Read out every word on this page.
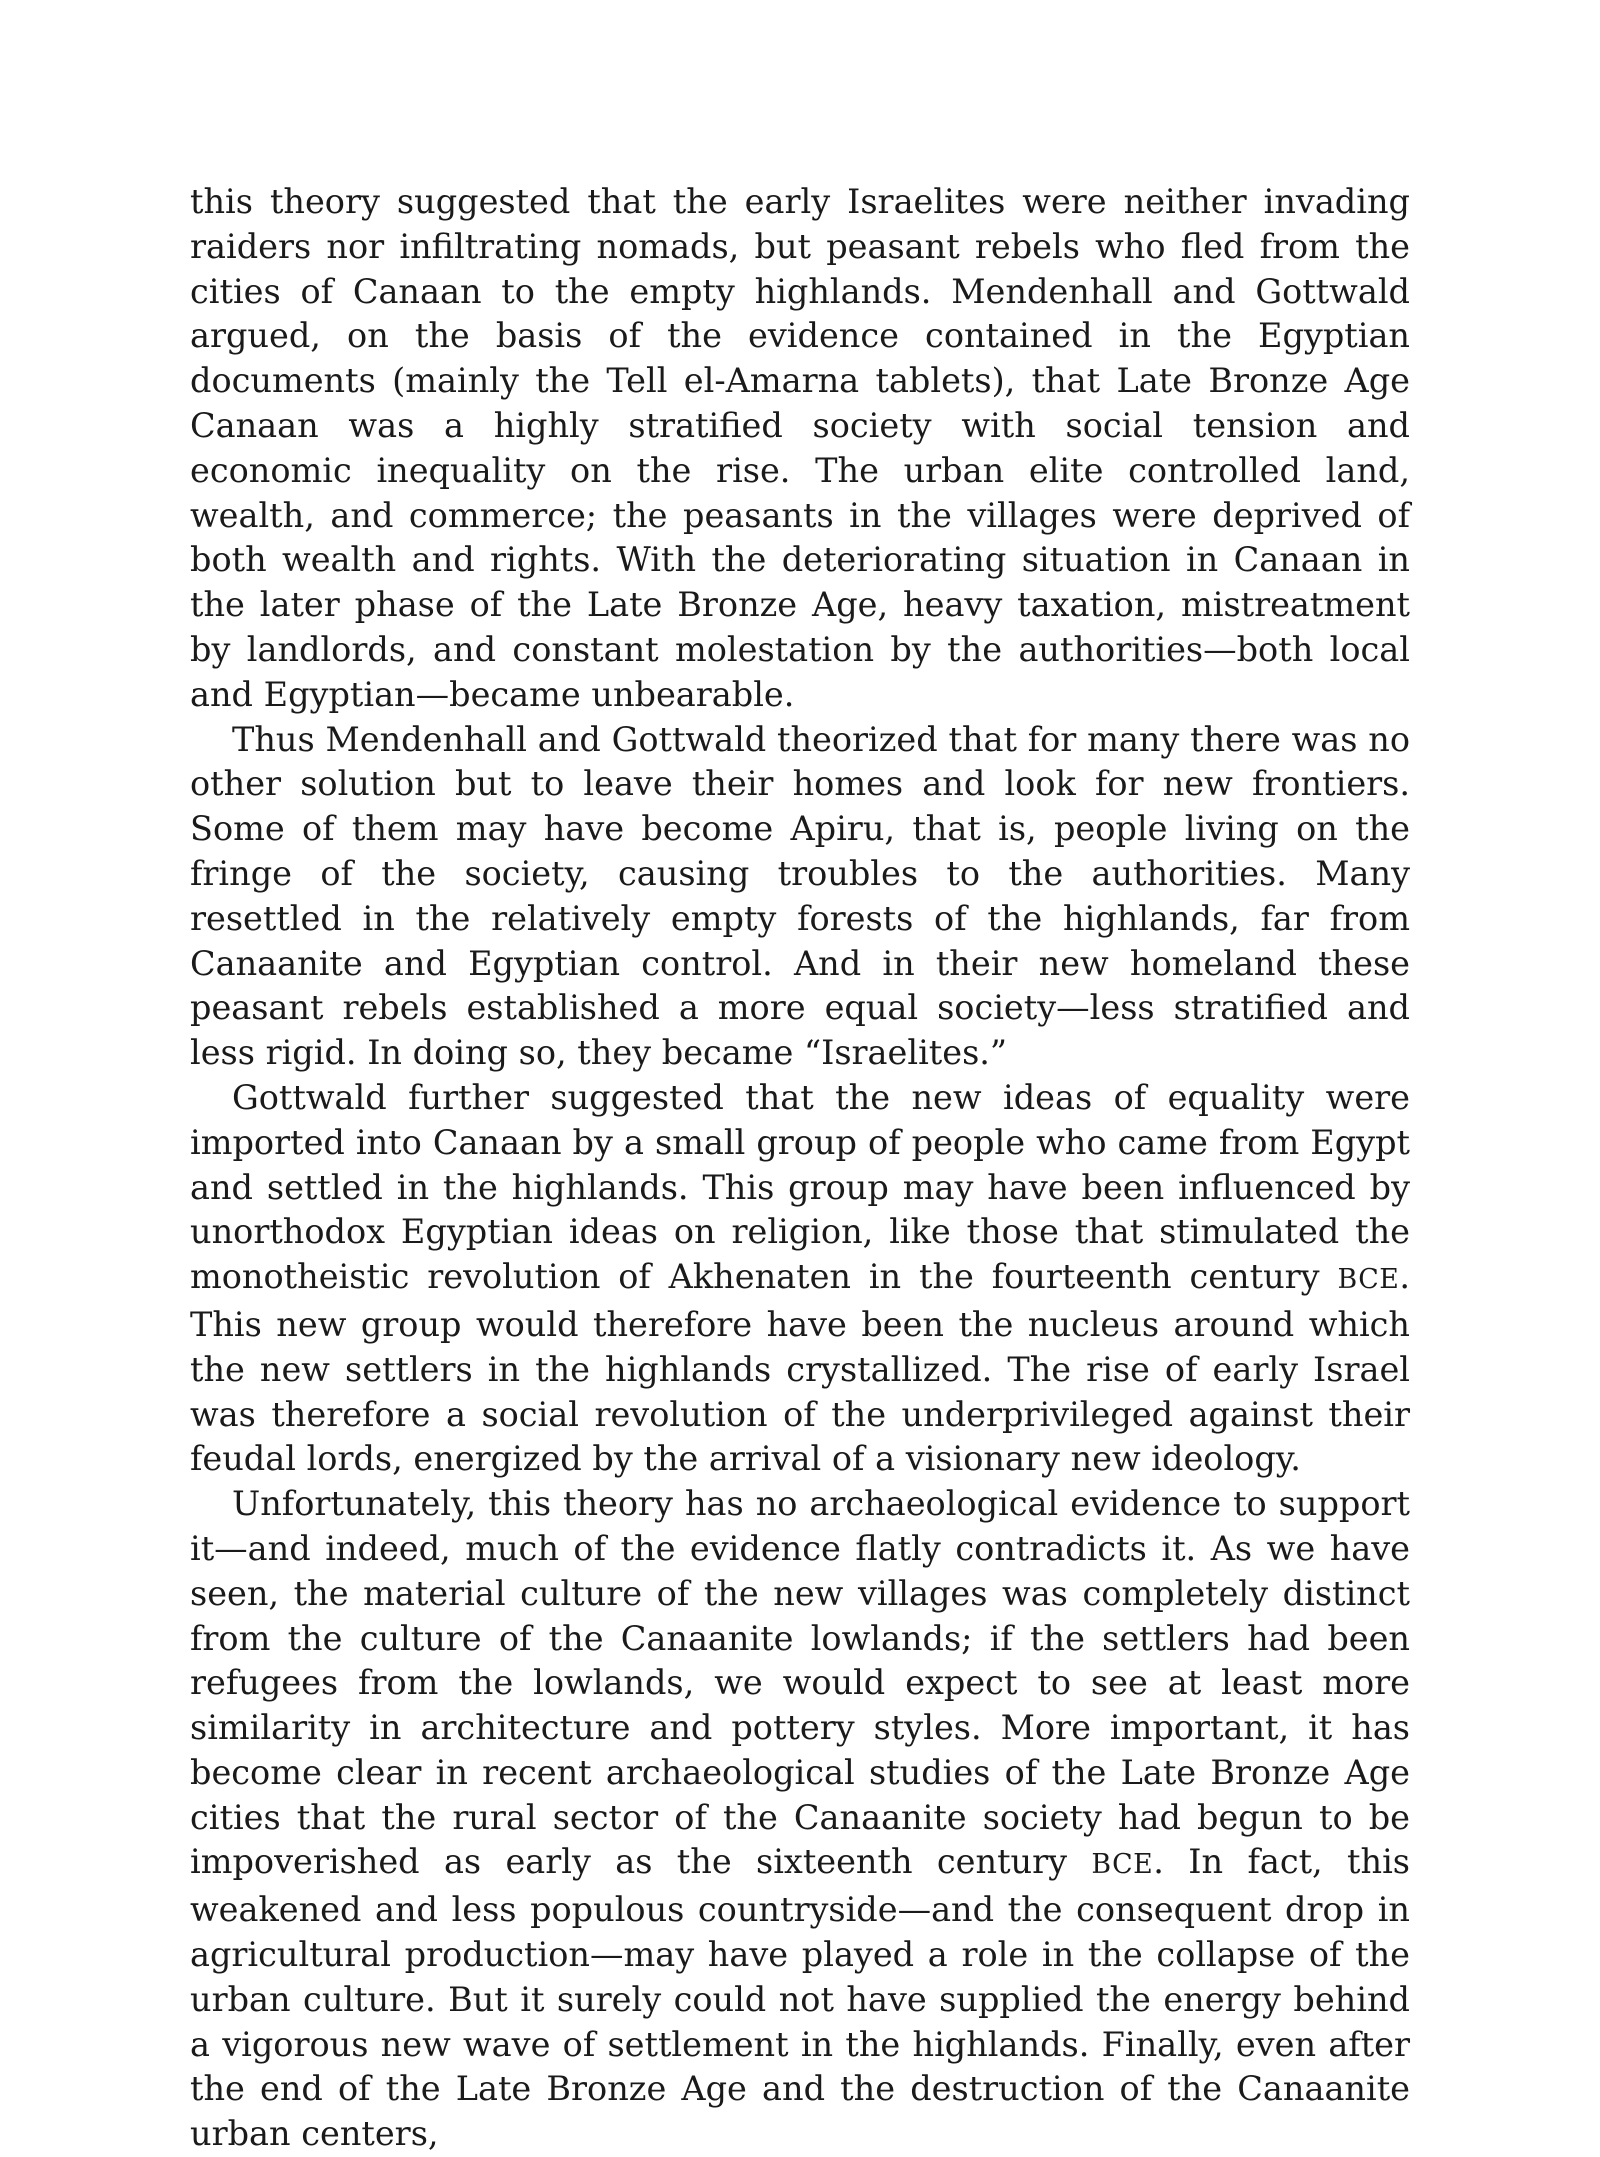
this theory suggested that the early Israelites were neither invading raiders nor infiltrating nomads, but peasant rebels who fled from the cities of Canaan to the empty highlands. Mendenhall and Gottwald argued, on the basis of the evidence contained in the Egyptian documents (mainly the Tell el-Amarna tablets), that Late Bronze Age Canaan was a highly stratified society with social tension and economic inequality on the rise. The urban elite controlled land, wealth, and commerce; the peasants in the villages were deprived of both wealth and rights. With the deteriorating situation in Canaan in the later phase of the Late Bronze Age, heavy taxation, mistreatment by landlords, and constant molestation by the authorities—both local and Egyptian—became unbearable.

Thus Mendenhall and Gottwald theorized that for many there was no other solution but to leave their homes and look for new frontiers. Some of them may have become Apiru, that is, people living on the fringe of the society, causing troubles to the authorities. Many resettled in the relatively empty forests of the highlands, far from Canaanite and Egyptian control. And in their new homeland these peasant rebels established a more equal society—less stratified and less rigid. In doing so, they became “Israelites.”

Gottwald further suggested that the new ideas of equality were imported into Canaan by a small group of people who came from Egypt and settled in the highlands. This group may have been influenced by unorthodox Egyptian ideas on religion, like those that stimulated the monotheistic revolution of Akhenaten in the fourteenth century BCE. This new group would therefore have been the nucleus around which the new settlers in the highlands crystallized. The rise of early Israel was therefore a social revolution of the underprivileged against their feudal lords, energized by the arrival of a visionary new ideology.

Unfortunately, this theory has no archaeological evidence to support it—and indeed, much of the evidence flatly contradicts it. As we have seen, the material culture of the new villages was completely distinct from the culture of the Canaanite lowlands; if the settlers had been refugees from the lowlands, we would expect to see at least more similarity in architecture and pottery styles. More important, it has become clear in recent archaeological studies of the Late Bronze Age cities that the rural sector of the Canaanite society had begun to be impoverished as early as the sixteenth century BCE. In fact, this weakened and less populous countryside—and the consequent drop in agricultural production—may have played a role in the collapse of the urban culture. But it surely could not have supplied the energy behind a vigorous new wave of settlement in the highlands. Finally, even after the end of the Late Bronze Age and the destruction of the Canaanite urban centers,
